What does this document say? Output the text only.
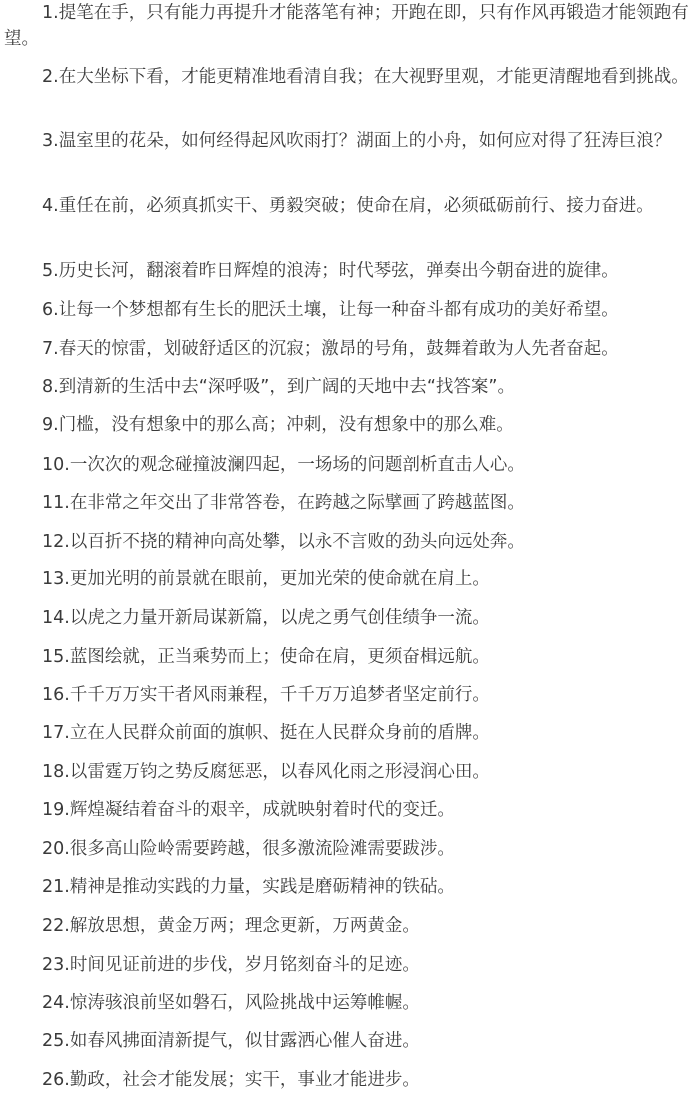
1.提笔在手，只有能力再提升才能落笔有神；开跑在即，只有作风再锻造才能领跑有望。

2.在大坐标下看，才能更精准地看清自我；在大视野里观，才能更清醒地看到挑战。

3.温室里的花朵，如何经得起风吹雨打？湖面上的小舟，如何应对得了狂涛巨浪？

4.重任在前，必须真抓实干、勇毅突破；使命在肩，必须砥砺前行、接力奋进。

5.历史长河，翻滚着昨日辉煌的浪涛；时代琴弦，弹奏出今朝奋进的旋律。

6.让每一个梦想都有生长的肥沃土壤，让每一种奋斗都有成功的美好希望。

7.春天的惊雷，划破舒适区的沉寂；激昂的号角，鼓舞着敢为人先者奋起。

8.到清新的生活中去“深呼吸”，到广阔的天地中去“找答案”。

9.门槛，没有想象中的那么高；冲刺，没有想象中的那么难。

10.一次次的观念碰撞波澜四起，一场场的问题剖析直击人心。

11.在非常之年交出了非常答卷，在跨越之际擘画了跨越蓝图。

12.以百折不挠的精神向高处攀，以永不言败的劲头向远处奔。

13.更加光明的前景就在眼前，更加光荣的使命就在肩上。

14.以虎之力量开新局谋新篇，以虎之勇气创佳绩争一流。

15.蓝图绘就，正当乘势而上；使命在肩，更须奋楫远航。

16.千千万万实干者风雨兼程，千千万万追梦者坚定前行。

17.立在人民群众前面的旗帜、挺在人民群众身前的盾牌。

18.以雷霆万钧之势反腐惩恶，以春风化雨之形浸润心田。

19.辉煌凝结着奋斗的艰辛，成就映射着时代的变迁。

20.很多高山险岭需要跨越，很多激流险滩需要跋涉。

21.精神是推动实践的力量，实践是磨砺精神的铁砧。

22.解放思想，黄金万两；理念更新，万两黄金。

23.时间见证前进的步伐，岁月铭刻奋斗的足迹。

24.惊涛骇浪前坚如磐石，风险挑战中运筹帷幄。

25.如春风拂面清新提气，似甘露洒心催人奋进。

26.勤政，社会才能发展；实干，事业才能进步。
